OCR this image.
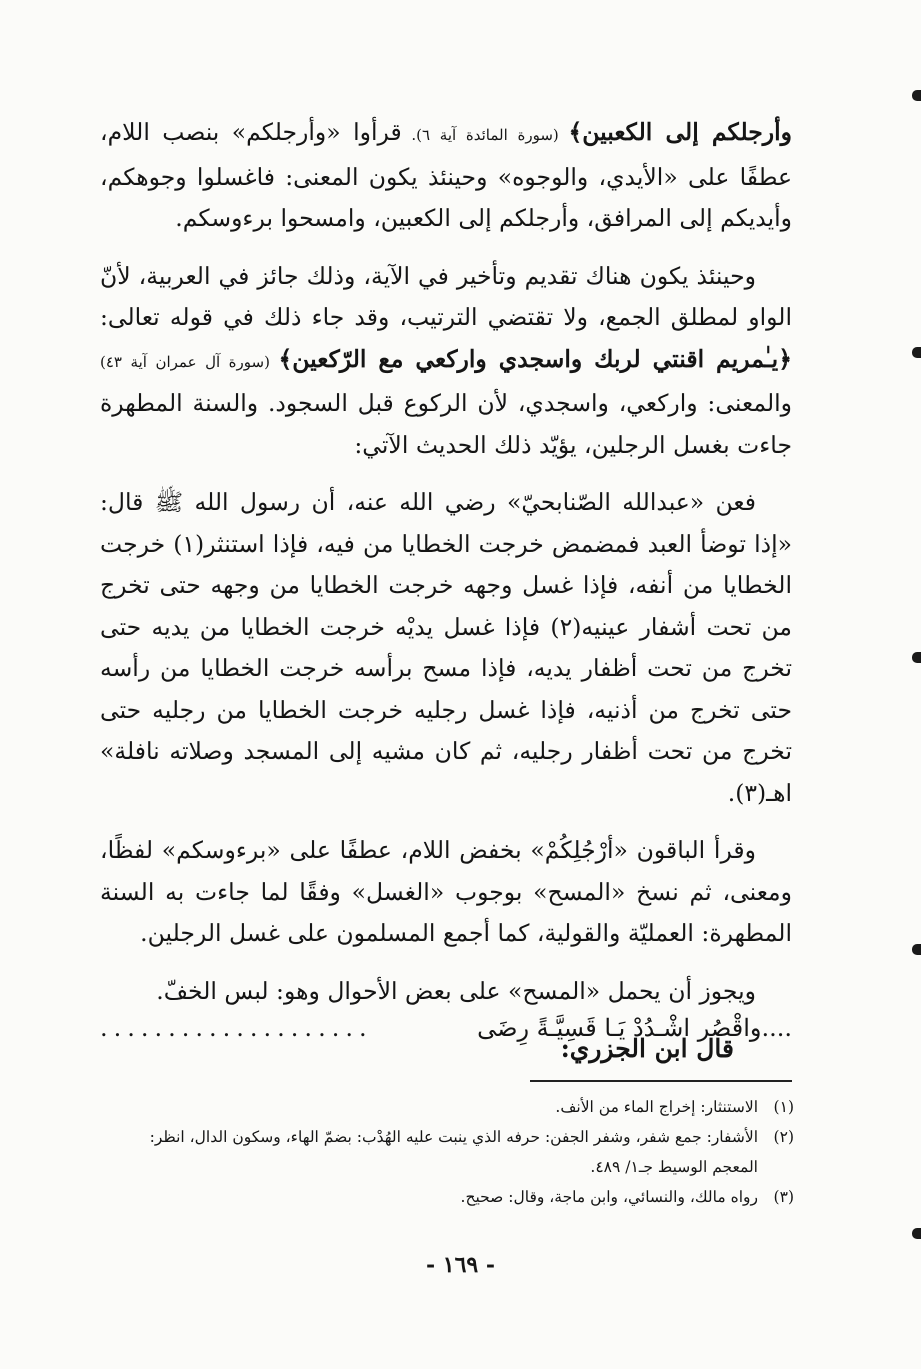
وأرجلكم إلى الكعبين﴾ (سورة المائدة آية ٦). قرأوا «وأرجلكم» بنصب اللام، عطفًا على «الأيدي، والوجوه» وحينئذ يكون المعنى: فاغسلوا وجوهكم، وأيديكم إلى المرافق، وأرجلكم إلى الكعبين، وامسحوا برءوسكم.

وحينئذ يكون هناك تقديم وتأخير في الآية، وذلك جائز في العربية، لأنّ الواو لمطلق الجمع، ولا تقتضي الترتيب، وقد جاء ذلك في قوله تعالى: ﴿يـٰمريم اقنتي لربك واسجدي واركعي مع الرّكعين﴾ (سورة آل عمران آية ٤٣) والمعنى: واركعي، واسجدي، لأن الركوع قبل السجود. والسنة المطهرة جاءت بغسل الرجلين، يؤيّد ذلك الحديث الآتي:

فعن «عبدالله الصّنابحيّ» رضي الله عنه، أن رسول الله ﷺ قال: «إذا توضأ العبد فمضمض خرجت الخطايا من فيه، فإذا استنثر(١) خرجت الخطايا من أنفه، فإذا غسل وجهه خرجت الخطايا من وجهه حتى تخرج من تحت أشفار عينيه(٢) فإذا غسل يديْه خرجت الخطايا من يديه حتى تخرج من تحت أظفار يديه، فإذا مسح برأسه خرجت الخطايا من رأسه حتى تخرج من أذنيه، فإذا غسل رجليه خرجت الخطايا من رجليه حتى تخرج من تحت أظفار رجليه، ثم كان مشيه إلى المسجد وصلاته نافلة» اهـ(٣).

وقرأ الباقون «أرْجُلِكُمْ» بخفض اللام، عطفًا على «برءوسكم» لفظًا، ومعنى، ثم نسخ «المسح» بوجوب «الغسل» وفقًا لما جاءت به السنة المطهرة: العمليّة والقولية، كما أجمع المسلمون على غسل الرجلين.

ويجوز أن يحمل «المسح» على بعض الأحوال وهو: لبس الخفّ.

قال ابن الجزري:

....واقْصُر اشْـدُدْ يَـا قَسِيَّـةً رِضَى
....................
(١)
الاستنثار: إخراج الماء من الأنف.
(٢)
الأشفار: جمع شفر، وشفر الجفن: حرفه الذي ينبت عليه الهُدْب: بضمّ الهاء، وسكون الدال، انظر: المعجم الوسيط جـ١/ ٤٨٩.
(٣)
رواه مالك، والنسائي، وابن ماجة، وقال: صحيح.
- ١٦٩ -
